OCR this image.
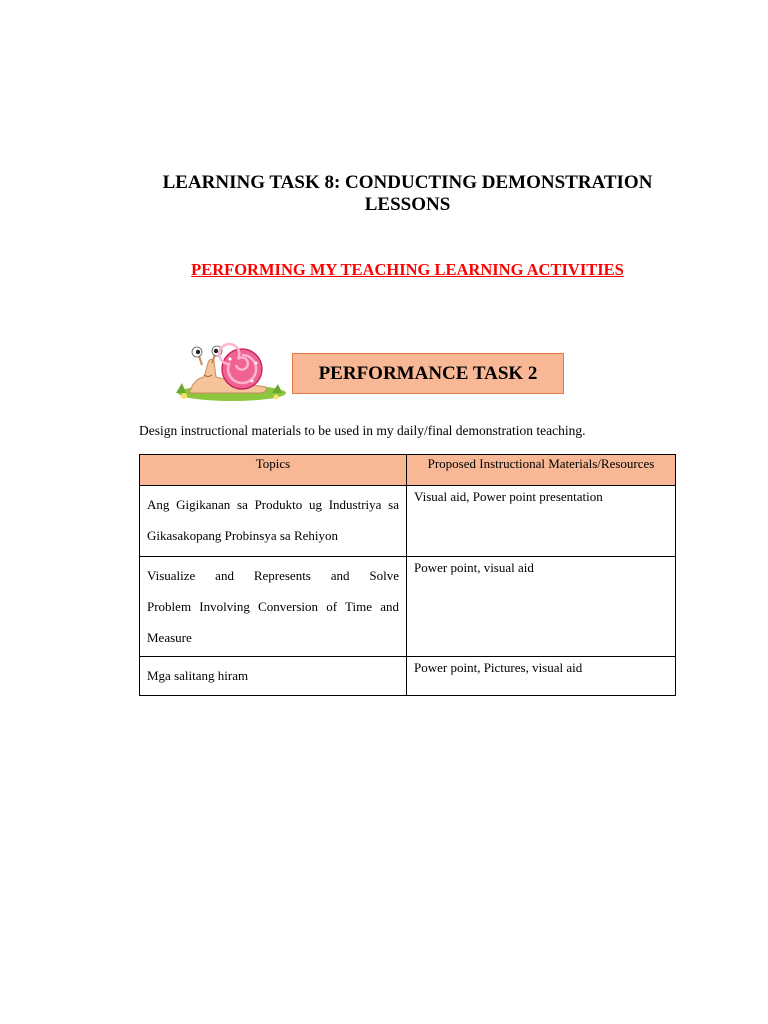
LEARNING TASK 8: CONDUCTING DEMONSTRATION
LESSONS
PERFORMING MY TEACHING LEARNING ACTIVITIES
PERFORMANCE TASK 2

Design instructional materials to be used in my daily/final demonstration teaching.

Topics	Proposed Instructional Materials/Resources

Ang Gigikanan sa Produkto ug Industriya sa
Gikasakopang Probinsya sa Rehiyon	Visual aid, Power point presentation

Visualize and Represents and Solve
Problem Involving Conversion of Time and
Measure	Power point, visual aid

Mga salitang hiram	Power point, Pictures, visual aid
